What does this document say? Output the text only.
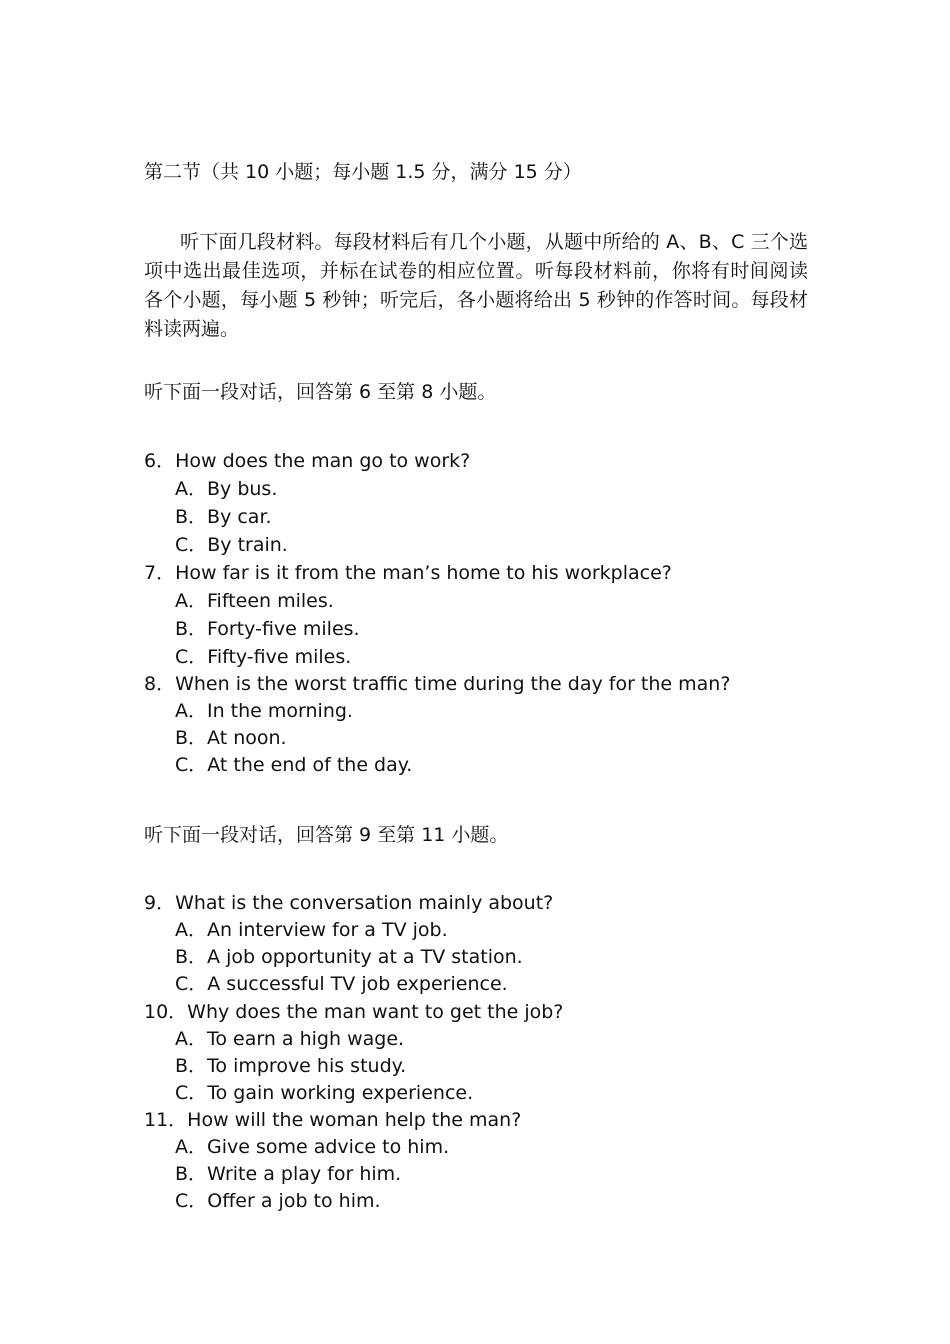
第二节（共 10 小题；每小题 1.5 分，满分 15 分）
听下面几段材料。每段材料后有几个小题，从题中所给的 A、B、C 三个选项中选出最佳选项，并标在试卷的相应位置。听每段材料前，你将有时间阅读各个小题，每小题 5 秒钟；听完后，各小题将给出 5 秒钟的作答时间。每段材料读两遍。
听下面一段对话，回答第 6 至第 8 小题。
6．How does the man go to work?
A．By bus.
B．By car.
C．By train.
7．How far is it from the man’s home to his workplace?
A．Fifteen miles.
B．Forty-five miles.
C．Fifty-five miles.
8．When is the worst traffic time during the day for the man?
A．In the morning.
B．At noon.
C．At the end of the day.
听下面一段对话，回答第 9 至第 11 小题。
9．What is the conversation mainly about?
A．An interview for a TV job.
B．A job opportunity at a TV station.
C．A successful TV job experience.
10．Why does the man want to get the job?
A．To earn a high wage.
B．To improve his study.
C．To gain working experience.
11．How will the woman help the man?
A．Give some advice to him.
B．Write a play for him.
C．Offer a job to him.
